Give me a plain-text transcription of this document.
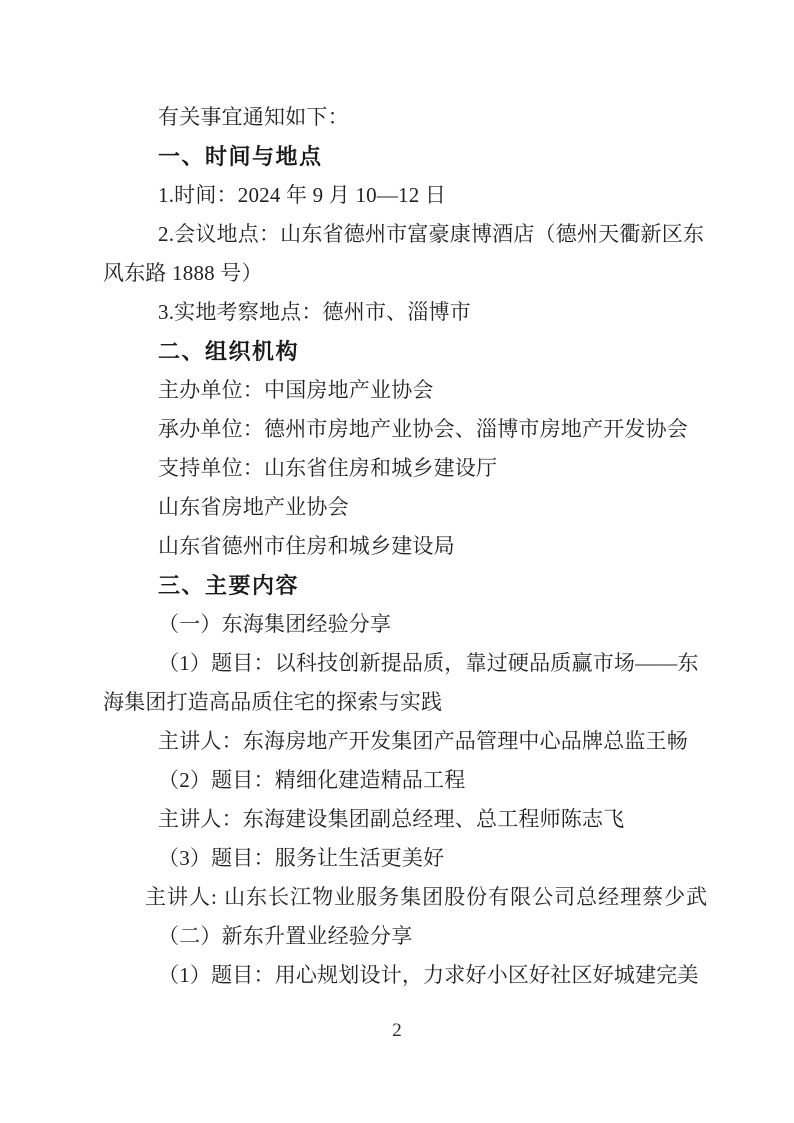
有关事宜通知如下：
一、时间与地点
1.时间：2024 年 9 月 10—12 日
2.会议地点：山东省德州市富豪康博酒店（德州天衢新区东
风东路 1888 号）
3.实地考察地点：德州市、淄博市
二、组织机构
主办单位：中国房地产业协会
承办单位：德州市房地产业协会、淄博市房地产开发协会
支持单位：山东省住房和城乡建设厅
山东省房地产业协会
山东省德州市住房和城乡建设局
三、主要内容
（一）东海集团经验分享
（1）题目：以科技创新提品质，靠过硬品质赢市场——东
海集团打造高品质住宅的探索与实践
主讲人：东海房地产开发集团产品管理中心品牌总监王畅
（2）题目：精细化建造精品工程
主讲人：东海建设集团副总经理、总工程师陈志飞
（3）题目：服务让生活更美好
主讲人: 山东长江物业服务集团股份有限公司总经理蔡少武
（二）新东升置业经验分享
（1）题目：用心规划设计，力求好小区好社区好城建完美
2
